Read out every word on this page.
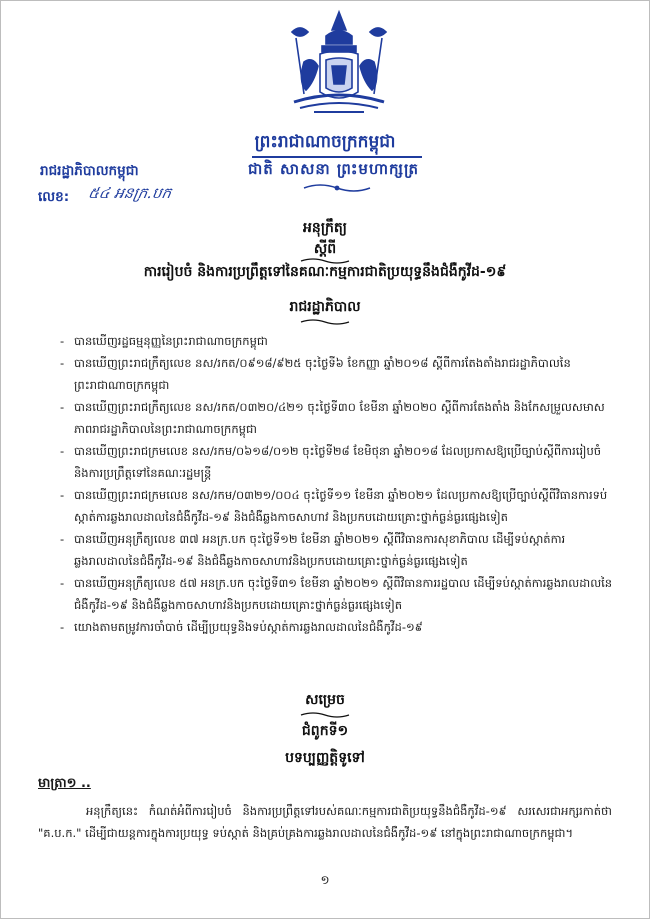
ព្រះរាជាណាចក្រកម្ពុជា
ជាតិ សាសនា ព្រះមហាក្សត្រ
រាជរដ្ឋាភិបាលកម្ពុជា
លេខ: ៥៤ អនក្រ.បក
អនុក្រឹត្យ
ស្ដីពី
ការរៀបចំ និងការប្រព្រឹត្តទៅនៃគណៈកម្មការជាតិប្រយុទ្ធនឹងជំងឺកូវីដ-១៩
រាជរដ្ឋាភិបាល
- បានឃើញរដ្ឋធម្មនុញ្ញនៃព្រះរាជាណាចក្រកម្ពុជា
- បានឃើញព្រះរាជក្រឹត្យលេខ នស/រកត/០៩១៨/៩២៥ ចុះថ្ងៃទី៦ ខែកញ្ញា ឆ្នាំ២០១៨ ស្ដីពីការតែងតាំងរាជរដ្ឋាភិបាលនៃព្រះរាជាណាចក្រកម្ពុជា
- បានឃើញព្រះរាជក្រឹត្យលេខ នស/រកត/០៣២០/៤២១ ចុះថ្ងៃទី៣០ ខែមីនា ឆ្នាំ២០២០ ស្ដីពីការតែងតាំង និងកែសម្រួលសមាសភាពរាជរដ្ឋាភិបាលនៃព្រះរាជាណាចក្រកម្ពុជា
- បានឃើញព្រះរាជក្រមលេខ នស/រកម/០៦១៨/០១២ ចុះថ្ងៃទី២៨ ខែមិថុនា ឆ្នាំ២០១៨ ដែលប្រកាសឱ្យប្រើច្បាប់ស្ដីពីការរៀបចំ និងការប្រព្រឹត្តទៅនៃគណៈរដ្ឋមន្ត្រី
- បានឃើញព្រះរាជក្រមលេខ នស/រកម/០៣២១/០០៤ ចុះថ្ងៃទី១១ ខែមីនា ឆ្នាំ២០២១ ដែលប្រកាសឱ្យប្រើច្បាប់ស្ដីពីវិធានការទប់ស្កាត់ការឆ្លងរាលដាលនៃជំងឺកូវីដ-១៩ និងជំងឺឆ្លងកាចសាហាវ និងប្រកបដោយគ្រោះថ្នាក់ធ្ងន់ធ្ងរផ្សេងទៀត
- បានឃើញអនុក្រឹត្យលេខ ៣៧ អនក្រ.បក ចុះថ្ងៃទី១២ ខែមីនា ឆ្នាំ២០២១ ស្ដីពីវិធានការសុខាភិបាល ដើម្បីទប់ស្កាត់ការឆ្លងរាលដាលនៃជំងឺកូវីដ-១៩ និងជំងឺឆ្លងកាចសាហាវនិងប្រកបដោយគ្រោះថ្នាក់ធ្ងន់ធ្ងរផ្សេងទៀត
- បានឃើញអនុក្រឹត្យលេខ ៥៧ អនក្រ.បក ចុះថ្ងៃទី៣១ ខែមីនា ឆ្នាំ២០២១ ស្ដីពីវិធានការរដ្ឋបាល ដើម្បីទប់ស្កាត់ការឆ្លងរាលដាលនៃជំងឺកូវីដ-១៩ និងជំងឺឆ្លងកាចសាហាវនិងប្រកបដោយគ្រោះថ្នាក់ធ្ងន់ធ្ងរផ្សេងទៀត
- យោងតាមតម្រូវការចាំបាច់ ដើម្បីប្រយុទ្ធនិងទប់ស្កាត់ការឆ្លងរាលដាលនៃជំងឺកូវីដ-១៩
សម្រេច
ជំពូកទី១
បទប្បញ្ញត្តិទូទៅ
មាត្រា១ ..

អនុក្រឹត្យនេះ កំណត់អំពីការរៀបចំ និងការប្រព្រឹត្តទៅរបស់គណៈកម្មការជាតិប្រយុទ្ធនឹងជំងឺកូវីដ-១៩ សរសេរជាអក្សរកាត់ថា "គ.ប.ក." ដើម្បីជាយន្តការក្នុងការប្រយុទ្ធ ទប់ស្កាត់ និងគ្រប់គ្រងការឆ្លងរាលដាលនៃជំងឺកូវីដ-១៩ នៅក្នុងព្រះរាជាណាចក្រកម្ពុជា។

១
